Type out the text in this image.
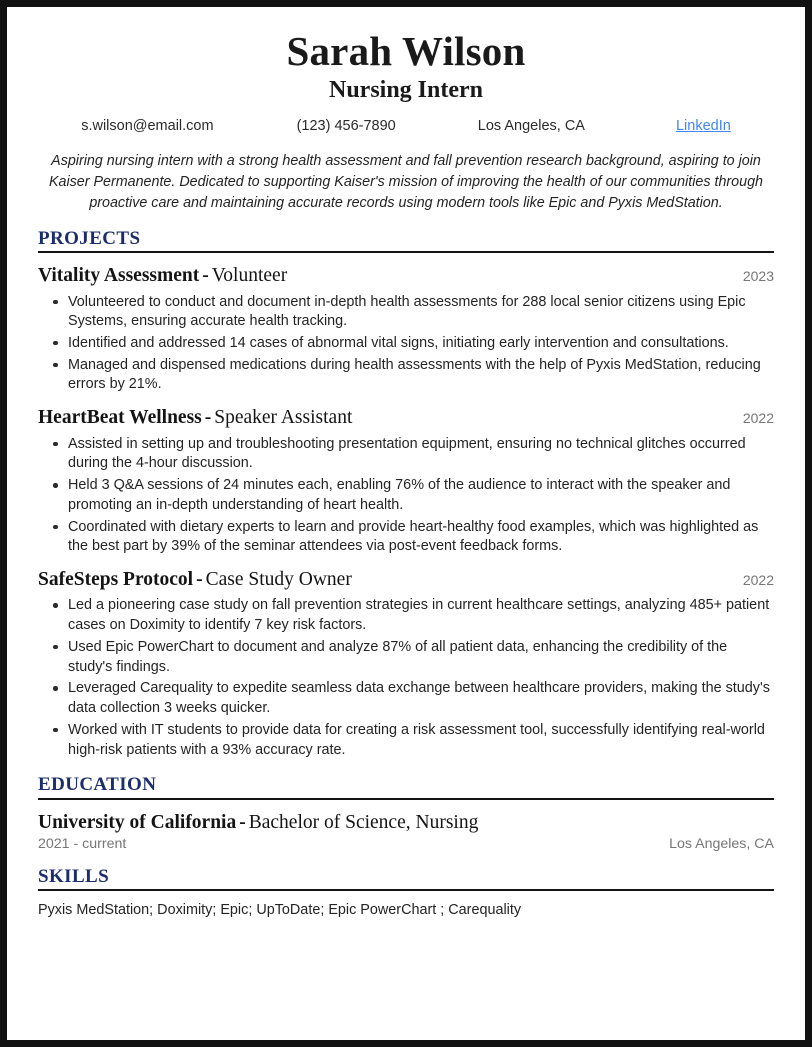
Sarah Wilson
Nursing Intern
s.wilson@email.com	(123) 456-7890	Los Angeles, CA	LinkedIn
Aspiring nursing intern with a strong health assessment and fall prevention research background, aspiring to join Kaiser Permanente. Dedicated to supporting Kaiser's mission of improving the health of our communities through proactive care and maintaining accurate records using modern tools like Epic and Pyxis MedStation.
PROJECTS
Vitality Assessment - Volunteer	2023
Volunteered to conduct and document in-depth health assessments for 288 local senior citizens using Epic Systems, ensuring accurate health tracking.
Identified and addressed 14 cases of abnormal vital signs, initiating early intervention and consultations.
Managed and dispensed medications during health assessments with the help of Pyxis MedStation, reducing errors by 21%.
HeartBeat Wellness - Speaker Assistant	2022
Assisted in setting up and troubleshooting presentation equipment, ensuring no technical glitches occurred during the 4-hour discussion.
Held 3 Q&A sessions of 24 minutes each, enabling 76% of the audience to interact with the speaker and promoting an in-depth understanding of heart health.
Coordinated with dietary experts to learn and provide heart-healthy food examples, which was highlighted as the best part by 39% of the seminar attendees via post-event feedback forms.
SafeSteps Protocol - Case Study Owner	2022
Led a pioneering case study on fall prevention strategies in current healthcare settings, analyzing 485+ patient cases on Doximity to identify 7 key risk factors.
Used Epic PowerChart to document and analyze 87% of all patient data, enhancing the credibility of the study's findings.
Leveraged Carequality to expedite seamless data exchange between healthcare providers, making the study's data collection 3 weeks quicker.
Worked with IT students to provide data for creating a risk assessment tool, successfully identifying real-world high-risk patients with a 93% accuracy rate.
EDUCATION
University of California - Bachelor of Science, Nursing
2021 - current	Los Angeles, CA
SKILLS
Pyxis MedStation; Doximity; Epic; UpToDate; Epic PowerChart ; Carequality
